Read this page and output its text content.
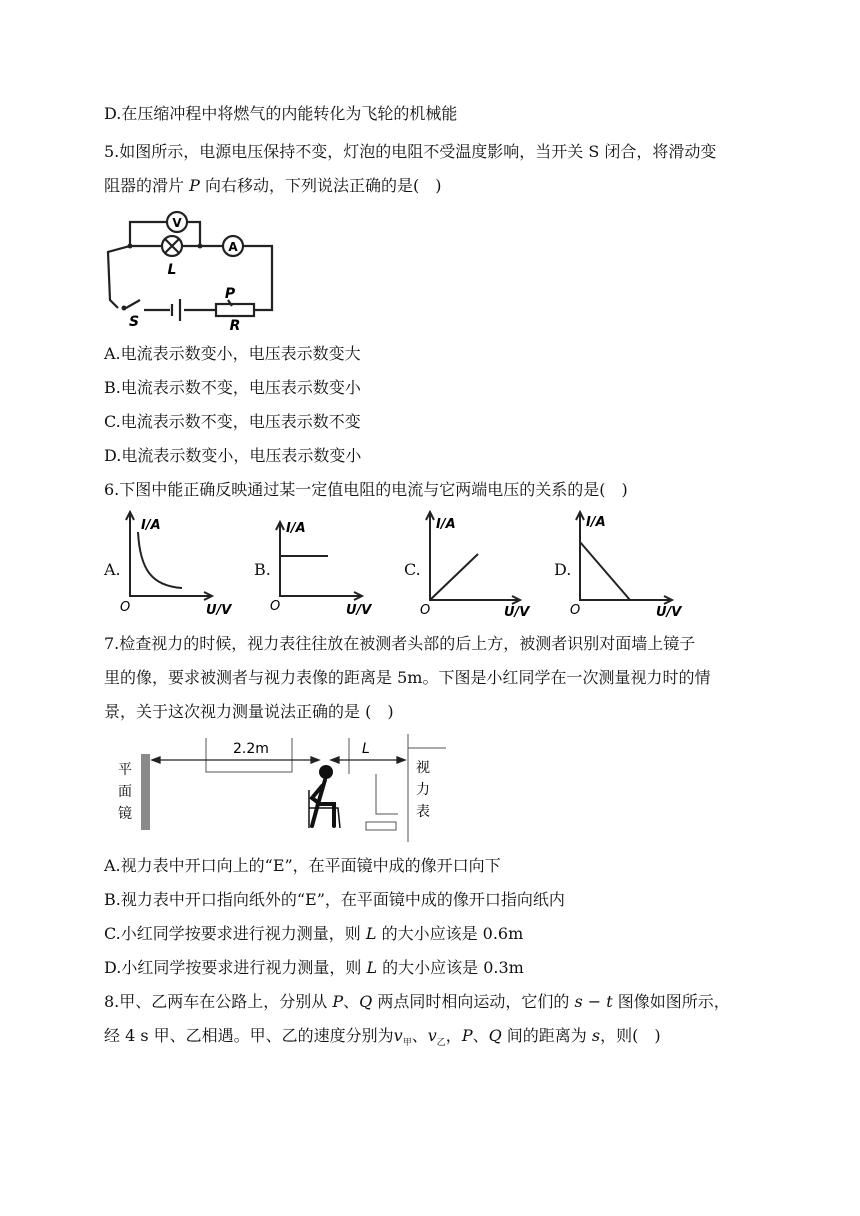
D.在压缩冲程中将燃气的内能转化为飞轮的机械能
5.如图所示，电源电压保持不变，灯泡的电阻不受温度影响，当开关 S 闭合，将滑动变
阻器的滑片 P 向右移动，下列说法正确的是(　)
V
A
L
S
P
R
A.电流表示数变小，电压表示数变大
B.电流表示数不变，电压表示数变小
C.电流表示数不变，电压表示数不变
D.电流表示数变小，电压表示数变小
6.下图中能正确反映通过某一定值电阻的电流与它两端电压的关系的是(　)
A.
I/A
U/V
O
B.
I/A
U/V
O
C.
I/A
U/V
O
D.
I/A
U/V
O
7.检查视力的时候，视力表往往放在被测者头部的后上方，被测者识别对面墙上镜子
里的像，要求被测者与视力表像的距离是 5m。下图是小红同学在一次测量视力时的情
景，关于这次视力测量说法正确的是 (　)
2.2m	L
平
面
镜
视
力
表
A.视力表中开口向上的“E”，在平面镜中成的像开口向下
B.视力表中开口指向纸外的“E”，在平面镜中成的像开口指向纸内
C.小红同学按要求进行视力测量，则 L 的大小应该是 0.6m
D.小红同学按要求进行视力测量，则 L 的大小应该是 0.3m
8.甲、乙两车在公路上，分别从 P、Q 两点同时相向运动，它们的 s − t 图像如图所示，
经 4 s 甲、乙相遇。甲、乙的速度分别为$v_甲$、$v_乙$，P、Q 间的距离为 s，则(　)
